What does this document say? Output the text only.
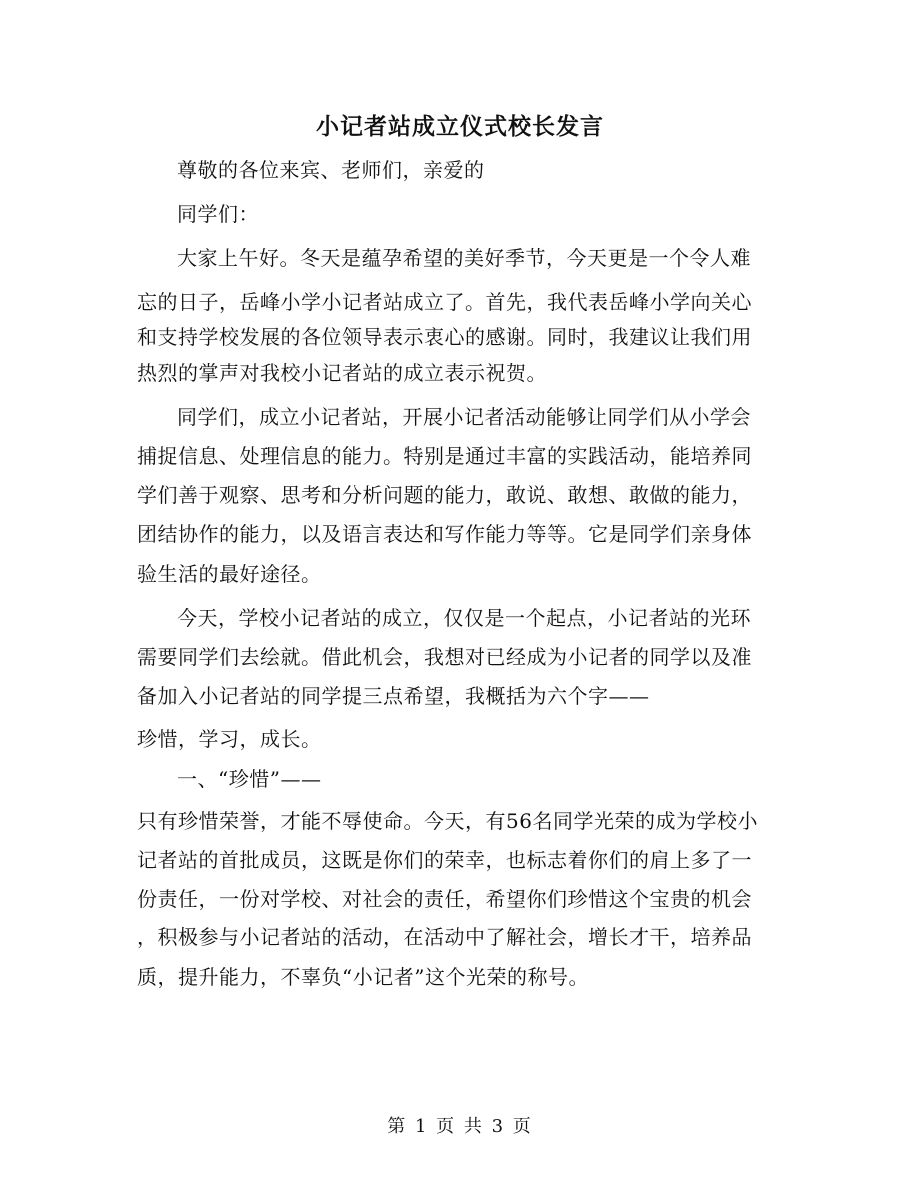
小记者站成立仪式校长发言
尊敬的各位来宾、老师们，亲爱的
同学们：
大家上午好。冬天是蕴孕希望的美好季节，今天更是一个令人难
忘的日子，岳峰小学小记者站成立了。首先，我代表岳峰小学向关心
和支持学校发展的各位领导表示衷心的感谢。同时，我建议让我们用
热烈的掌声对我校小记者站的成立表示祝贺。
同学们，成立小记者站，开展小记者活动能够让同学们从小学会
捕捉信息、处理信息的能力。特别是通过丰富的实践活动，能培养同
学们善于观察、思考和分析问题的能力，敢说、敢想、敢做的能力，
团结协作的能力，以及语言表达和写作能力等等。它是同学们亲身体
验生活的最好途径。
今天，学校小记者站的成立，仅仅是一个起点，小记者站的光环
需要同学们去绘就。借此机会，我想对已经成为小记者的同学以及准
备加入小记者站的同学提三点希望，我概括为六个字——
珍惜，学习，成长。
一、“珍惜”——
只有珍惜荣誉，才能不辱使命。今天，有56名同学光荣的成为学校小
记者站的首批成员，这既是你们的荣幸，也标志着你们的肩上多了一
份责任，一份对学校、对社会的责任，希望你们珍惜这个宝贵的机会
，积极参与小记者站的活动，在活动中了解社会，增长才干，培养品
质，提升能力，不辜负“小记者”这个光荣的称号。
第 1 页 共 3 页
